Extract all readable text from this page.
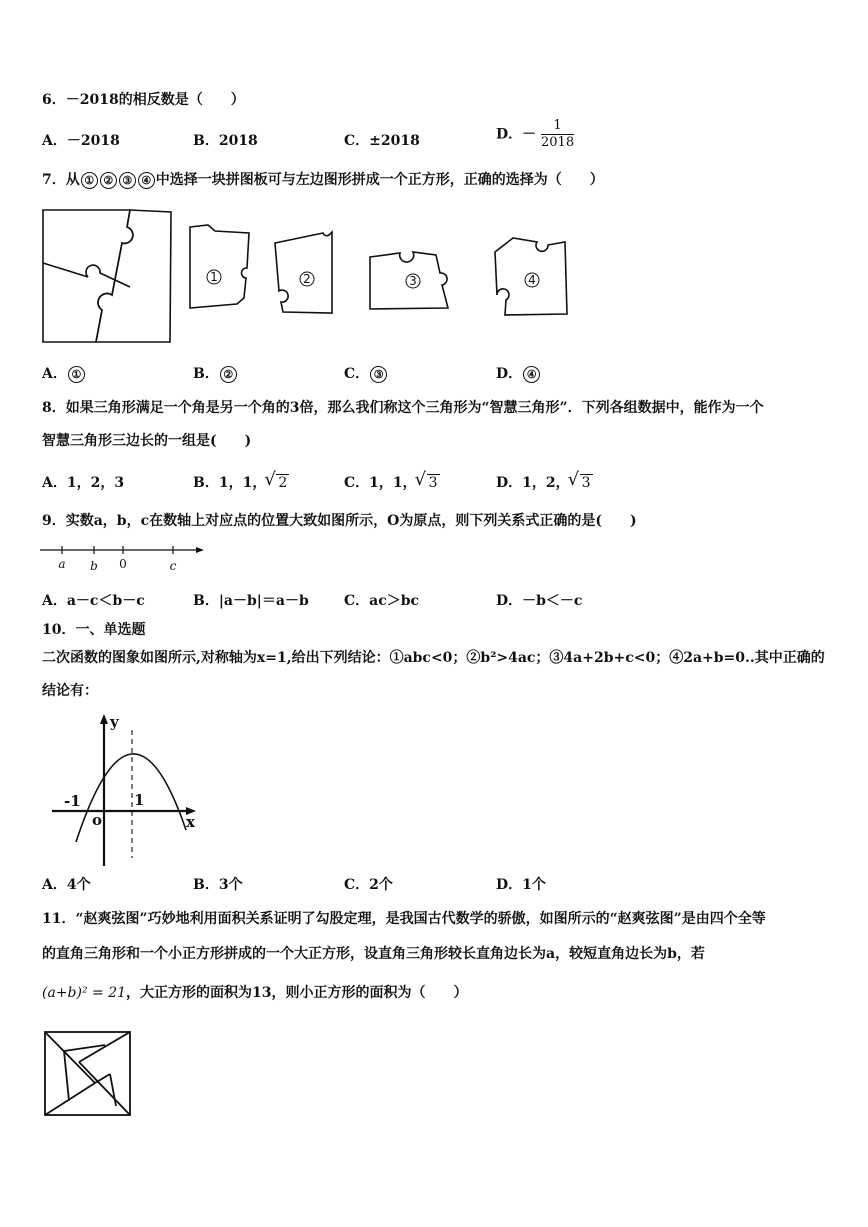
6．－2018的相反数是（　　）
A．－2018	B．2018	C．±2018	D．－ $\frac{1}{2018}$
7．从 ① ② ③ ④ 中选择一块拼图板可与左边图形拼成一个正方形，正确的选择为（　　）
1	2	3	4
A． ①	B． ②	C． ③	D． ④
8．如果三角形满足一个角是另一个角的3倍，那么我们称这个三角形为“智慧三角形”．下列各组数据中，能作为一个
智慧三角形三边长的一组是(　　)
A．1，2，3	B．1，1， √ 2	C．1，1， √ 3	D．1，2， √ 3
9．实数a，b，c在数轴上对应点的位置大致如图所示，O为原点，则下列关系式正确的是(　　)
a b 0	c
A．a－c＜b－c	B．|a－b|＝a－b	C．ac＞bc	D．－b＜－c
10．一、单选题
二次函数的图象如图所示,对称轴为x=1,给出下列结论：①abc<0；②b²>4ac；③4a+2b+c<0；④2a+b=0..其中正确的
结论有：
y
x
-1	1
o
A．4个	B．3个	C．2个	D．1个
11．“赵爽弦图”巧妙地利用面积关系证明了勾股定理，是我国古代数学的骄傲，如图所示的“赵爽弦图”是由四个全等
的直角三角形和一个小正方形拼成的一个大正方形，设直角三角形较长直角边长为a，较短直角边长为b，若
(a+b)² = 21，大正方形的面积为13，则小正方形的面积为（　　）
